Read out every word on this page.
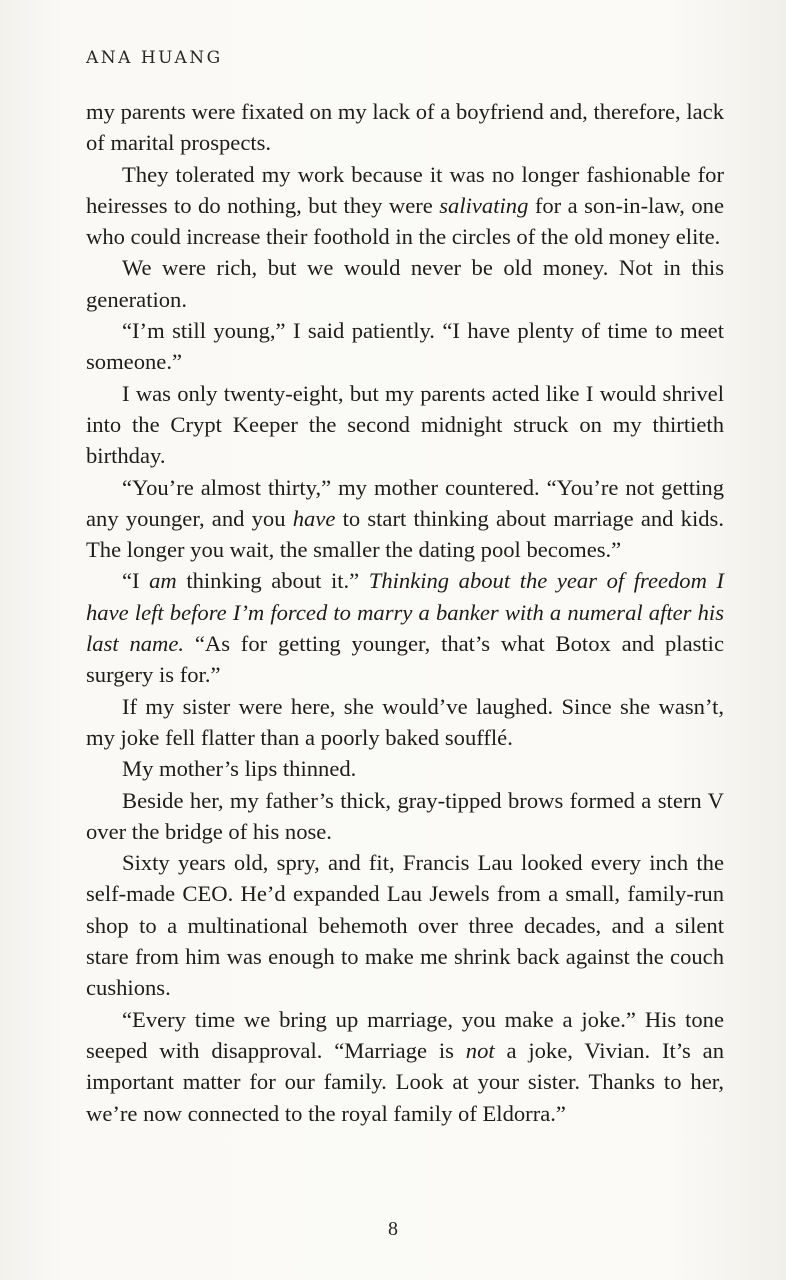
ANA HUANG

my parents were fixated on my lack of a boyfriend and, therefore, lack of marital prospects.

They tolerated my work because it was no longer fashionable for heiresses to do nothing, but they were salivating for a son-in-law, one who could increase their foothold in the circles of the old money elite.

We were rich, but we would never be old money. Not in this generation.

“I’m still young,” I said patiently. “I have plenty of time to meet someone.”

I was only twenty-eight, but my parents acted like I would shrivel into the Crypt Keeper the second midnight struck on my thirtieth birthday.

“You’re almost thirty,” my mother countered. “You’re not getting any younger, and you have to start thinking about marriage and kids. The longer you wait, the smaller the dating pool becomes.”

“I am thinking about it.” Thinking about the year of freedom I have left before I’m forced to marry a banker with a numeral after his last name. “As for getting younger, that’s what Botox and plastic surgery is for.”

If my sister were here, she would’ve laughed. Since she wasn’t, my joke fell flatter than a poorly baked soufflé.

My mother’s lips thinned.

Beside her, my father’s thick, gray-tipped brows formed a stern V over the bridge of his nose.

Sixty years old, spry, and fit, Francis Lau looked every inch the self-made CEO. He’d expanded Lau Jewels from a small, family-run shop to a multinational behemoth over three decades, and a silent stare from him was enough to make me shrink back against the couch cushions.

“Every time we bring up marriage, you make a joke.” His tone seeped with disapproval. “Marriage is not a joke, Vivian. It’s an important matter for our family. Look at your sister. Thanks to her, we’re now connected to the royal family of Eldorra.”

8
